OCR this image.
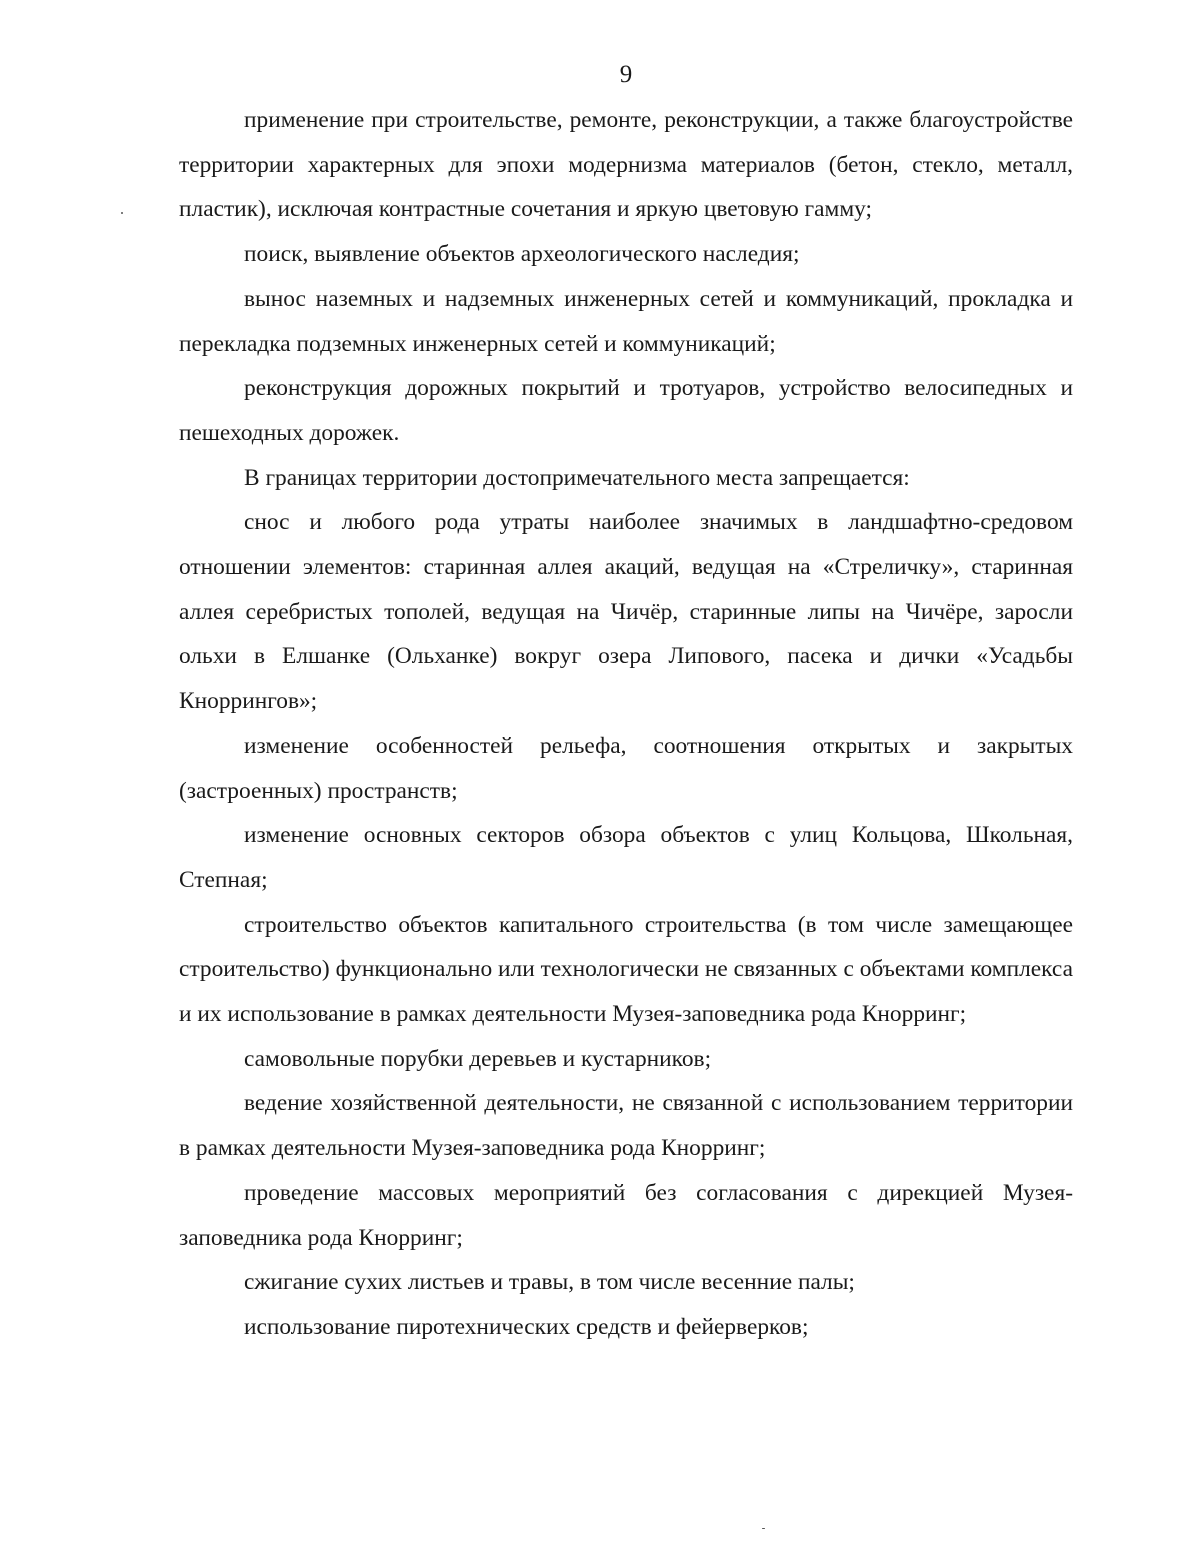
9

применение при строительстве, ремонте, реконструкции, а также благоустройстве территории характерных для эпохи модернизма материалов (бетон, стекло, металл, пластик), исключая контрастные сочетания и яркую цветовую гамму;

поиск, выявление объектов археологического наследия;

вынос наземных и надземных инженерных сетей и коммуникаций, прокладка и перекладка подземных инженерных сетей и коммуникаций;

реконструкция дорожных покрытий и тротуаров, устройство велосипедных и пешеходных дорожек.

В границах территории достопримечательного места запрещается:

снос и любого рода утраты наиболее значимых в ландшафтно-средовом отношении элементов: старинная аллея акаций, ведущая на «Стреличку», старинная аллея серебристых тополей, ведущая на Чичёр, старинные липы на Чичёре, заросли ольхи в Елшанке (Ольханке) вокруг озера Липового, пасека и дички «Усадьбы Кноррингов»;

изменение особенностей рельефа, соотношения открытых и закрытых (застроенных) пространств;

изменение основных секторов обзора объектов с улиц Кольцова, Школьная, Степная;

строительство объектов капитального строительства (в том числе замещающее строительство) функционально или технологически не связанных с объектами комплекса и их использование в рамках деятельности Музея-заповедника рода Кнорринг;

самовольные порубки деревьев и кустарников;

ведение хозяйственной деятельности, не связанной с использованием территории в рамках деятельности Музея-заповедника рода Кнорринг;

проведение массовых мероприятий без согласования с дирекцией Музея-заповедника рода Кнорринг;

сжигание сухих листьев и травы, в том числе весенние палы;

использование пиротехнических средств и фейерверков;
